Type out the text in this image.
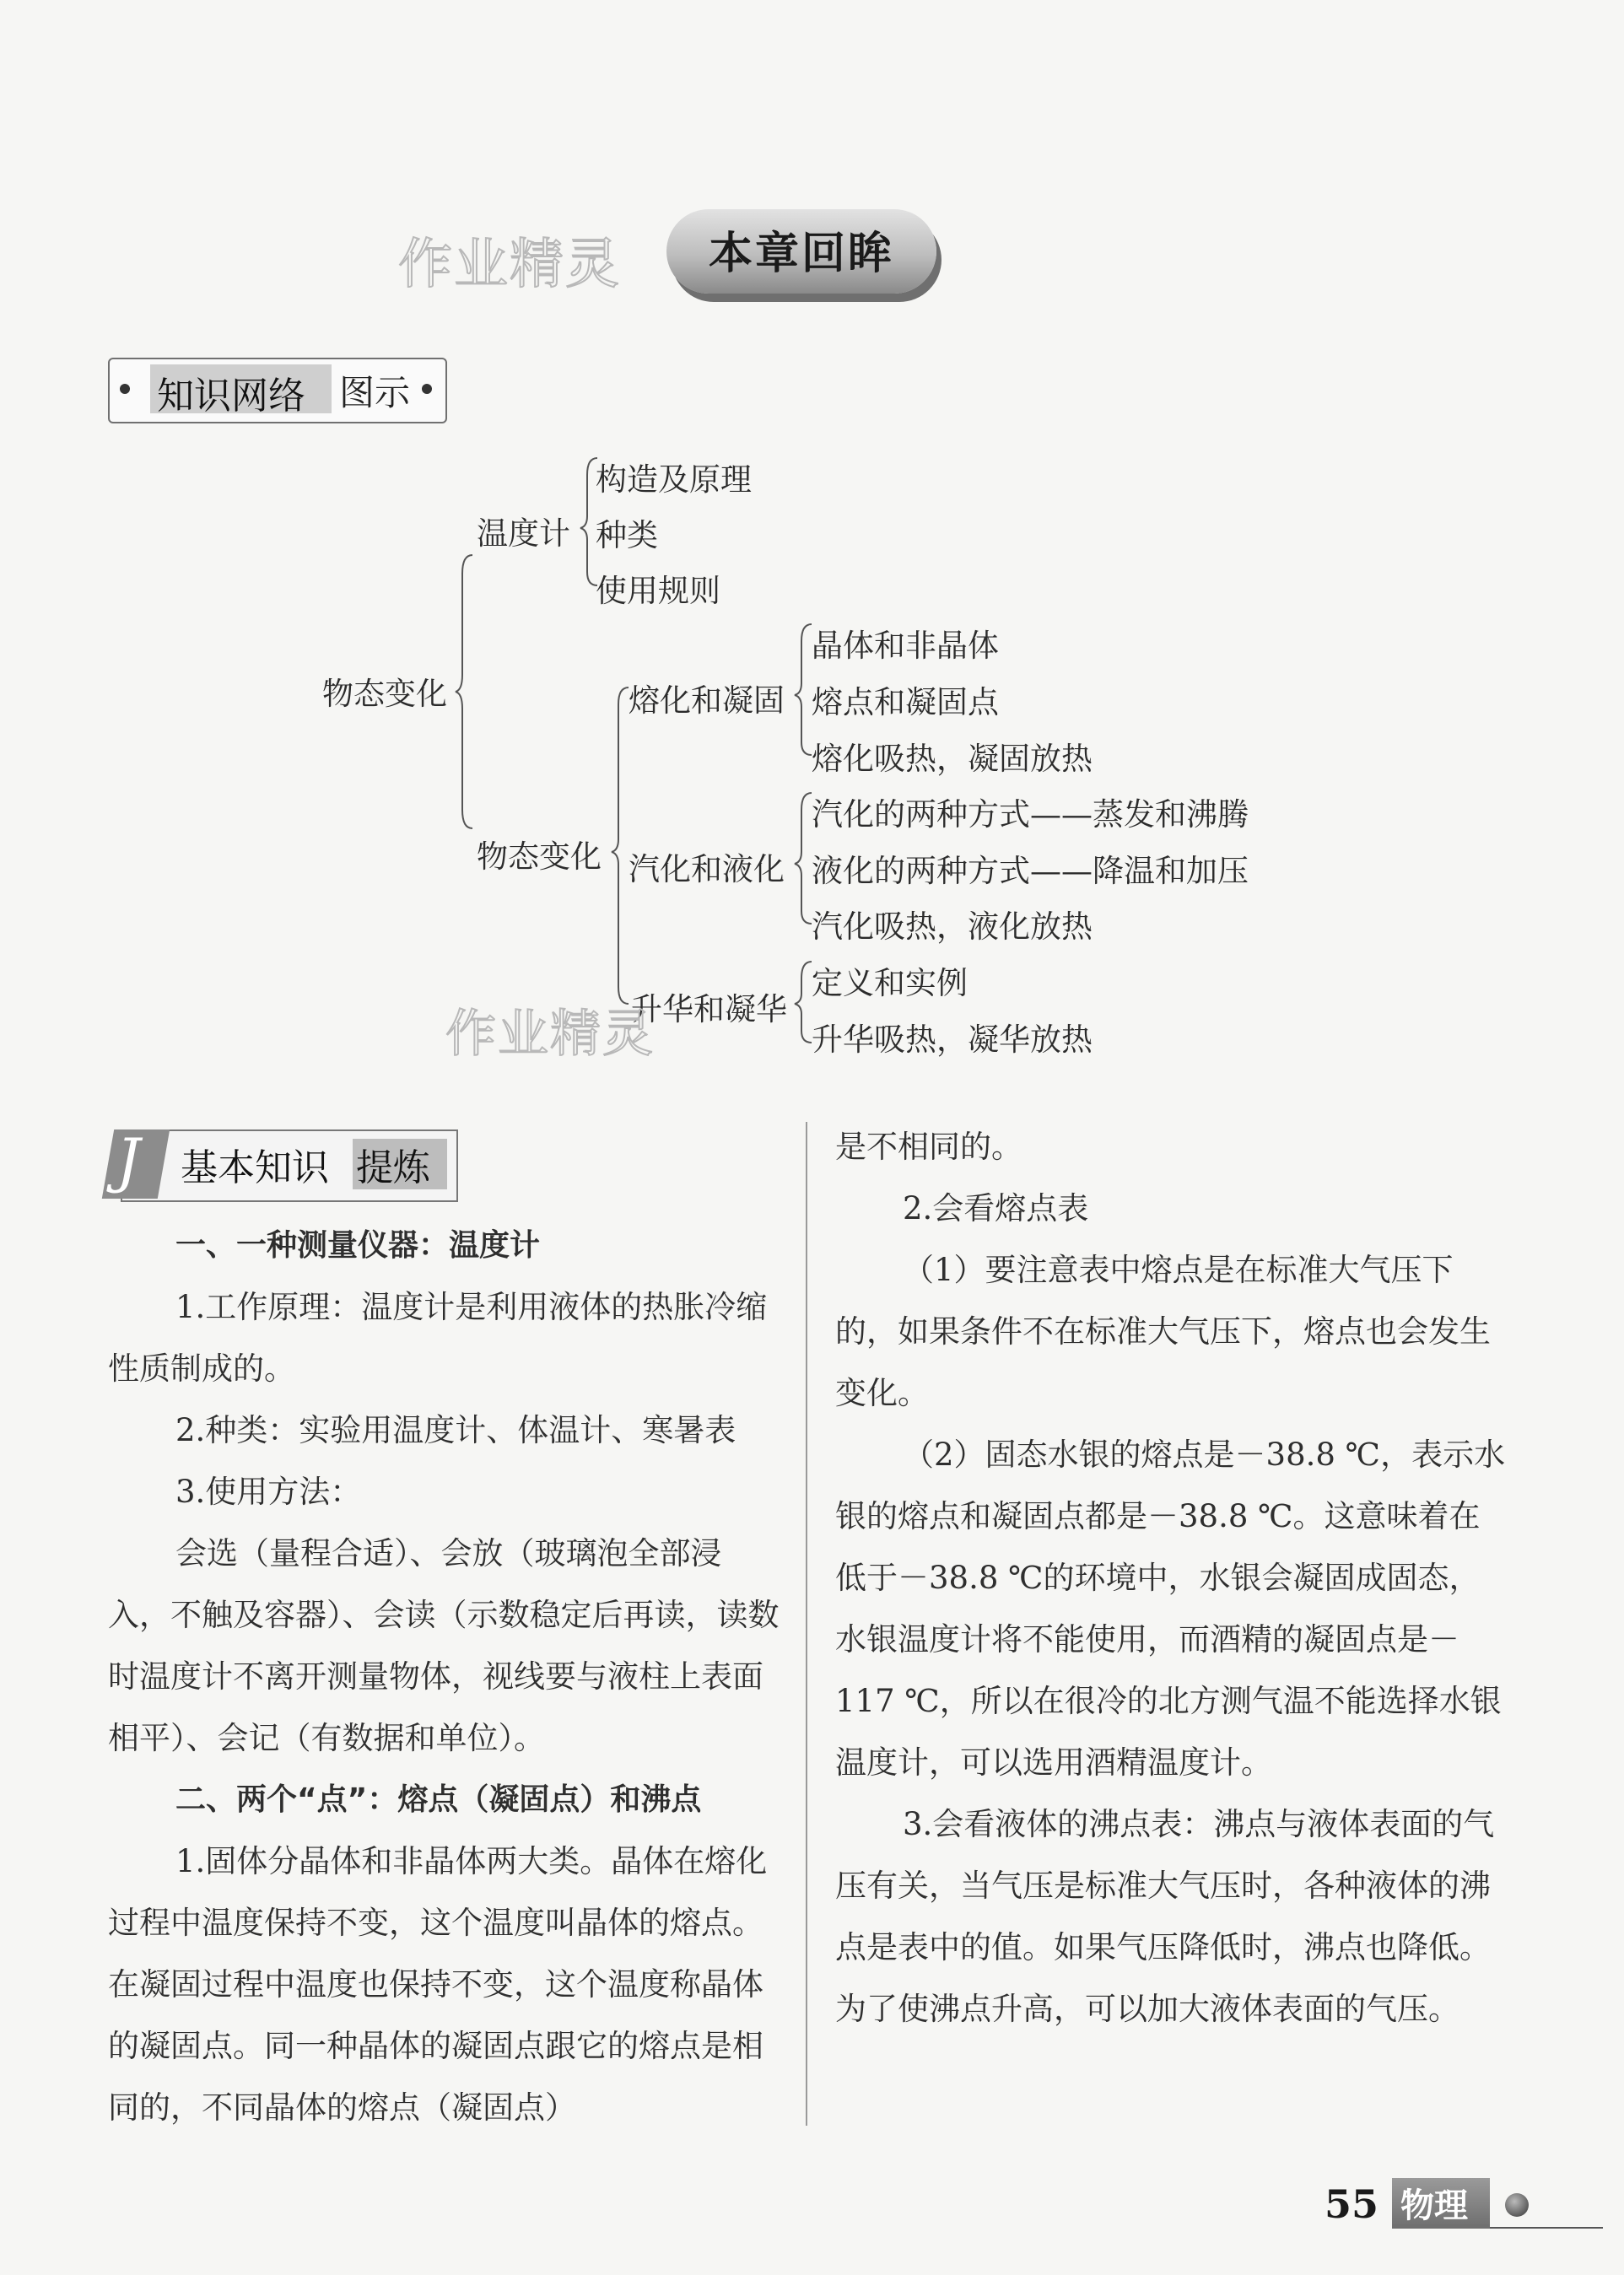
作业精灵	本章回眸
知识网络 图示
物态变化
温度计
构造及原理
种类
使用规则
物态变化
熔化和凝固
晶体和非晶体
熔点和凝固点
熔化吸热，凝固放热
汽化和液化
汽化的两种方式——蒸发和沸腾
液化的两种方式——降温和加压
汽化吸热，液化放热
升华和凝华
定义和实例
升华吸热，凝华放热
作业精灵
J 基本知识 提炼

一、一种测量仪器：温度计

1.工作原理：温度计是利用液体的热胀冷缩性质制成的。

2.种类：实验用温度计、体温计、寒暑表

3.使用方法：

会选（量程合适）、会放（玻璃泡全部浸入，不触及容器）、会读（示数稳定后再读，读数时温度计不离开测量物体，视线要与液柱上表面相平）、会记（有数据和单位）。

二、两个“点”：熔点（凝固点）和沸点

1.固体分晶体和非晶体两大类。晶体在熔化过程中温度保持不变，这个温度叫晶体的熔点。在凝固过程中温度也保持不变，这个温度称晶体的凝固点。同一种晶体的凝固点跟它的熔点是相同的，不同晶体的熔点（凝固点）

是不相同的。

2.会看熔点表

（1）要注意表中熔点是在标准大气压下的，如果条件不在标准大气压下，熔点也会发生变化。

（2）固态水银的熔点是－38.8 ℃，表示水银的熔点和凝固点都是－38.8 ℃。这意味着在低于－38.8 ℃的环境中，水银会凝固成固态，水银温度计将不能使用，而酒精的凝固点是－117 ℃，所以在很冷的北方测气温不能选择水银温度计，可以选用酒精温度计。

3.会看液体的沸点表：沸点与液体表面的气压有关，当气压是标准大气压时，各种液体的沸点是表中的值。如果气压降低时，沸点也降低。为了使沸点升高，可以加大液体表面的气压。

55 物理
